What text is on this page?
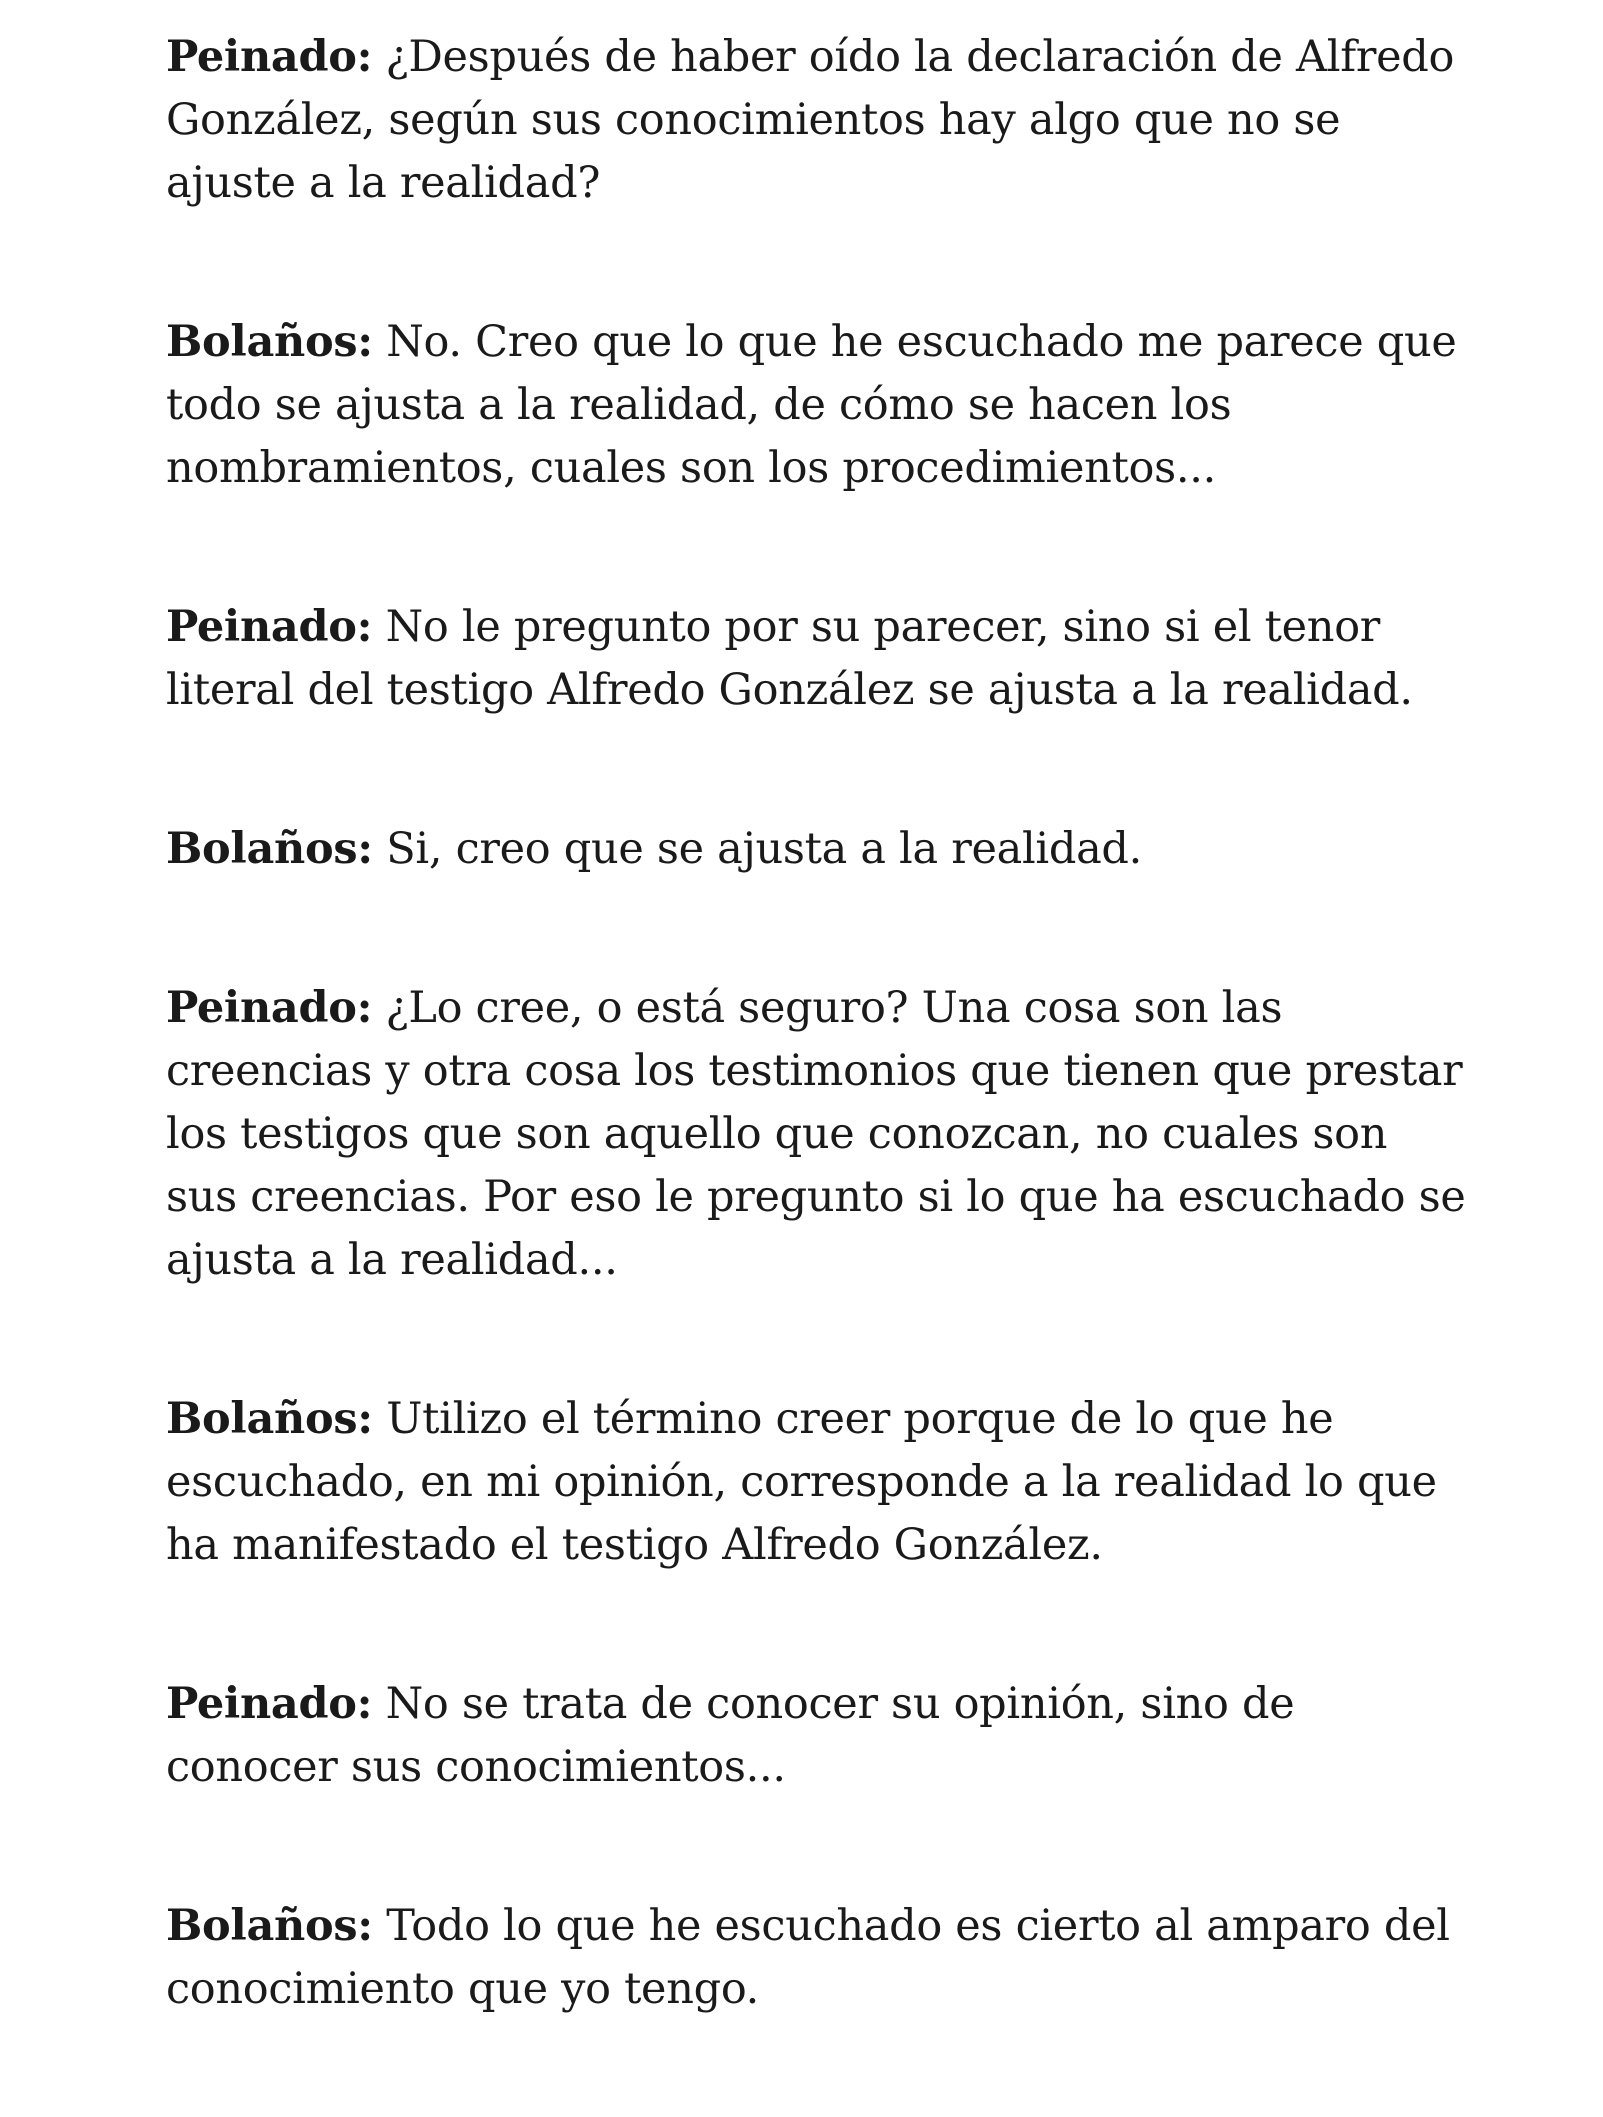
Peinado: ¿Después de haber oído la declaración de Alfredo González, según sus conocimientos hay algo que no se ajuste a la realidad?

Bolaños: No. Creo que lo que he escuchado me parece que todo se ajusta a la realidad, de cómo se hacen los nombramientos, cuales son los procedimientos...

Peinado: No le pregunto por su parecer, sino si el tenor literal del testigo Alfredo González se ajusta a la realidad.

Bolaños: Si, creo que se ajusta a la realidad.

Peinado: ¿Lo cree, o está seguro? Una cosa son las creencias y otra cosa los testimonios que tienen que prestar los testigos que son aquello que conozcan, no cuales son sus creencias. Por eso le pregunto si lo que ha escuchado se ajusta a la realidad...

Bolaños: Utilizo el término creer porque de lo que he escuchado, en mi opinión, corresponde a la realidad lo que ha manifestado el testigo Alfredo González.

Peinado: No se trata de conocer su opinión, sino de conocer sus conocimientos...

Bolaños: Todo lo que he escuchado es cierto al amparo del conocimiento que yo tengo.
